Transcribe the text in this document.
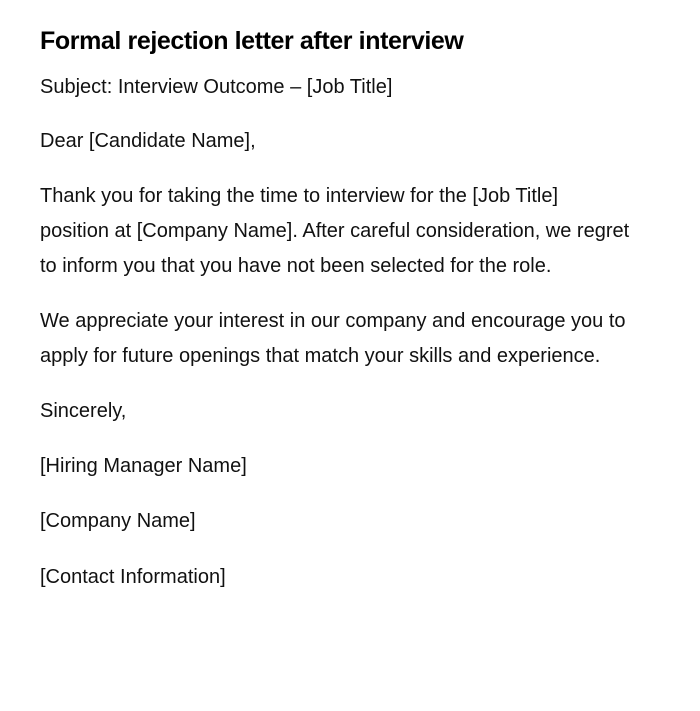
Formal rejection letter after interview

Subject: Interview Outcome – [Job Title]

Dear [Candidate Name],

Thank you for taking the time to interview for the [Job Title] position at [Company Name]. After careful consideration, we regret to inform you that you have not been selected for the role.

We appreciate your interest in our company and encourage you to apply for future openings that match your skills and experience.

Sincerely,

[Hiring Manager Name]

[Company Name]

[Contact Information]
